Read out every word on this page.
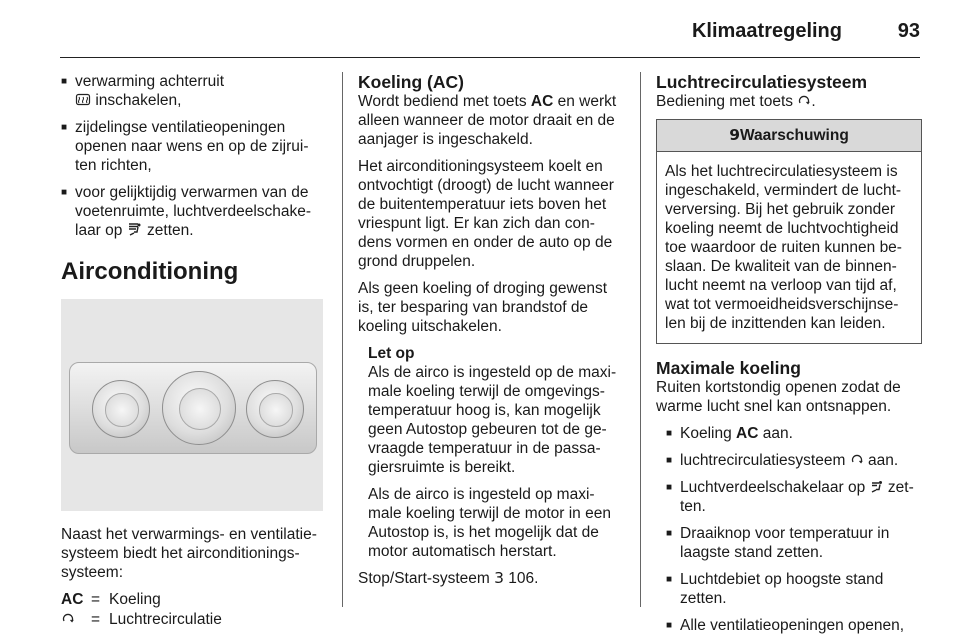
Klimaatregeling	93
■ verwarming achterruit
inschakelen,
■ zijdelingse ventilatieopeningen openen naar wens en op de zijrui-ten richten,
■ voor gelijktijdig verwarmen van de voetenruimte, luchtverdeelschake-laar op zetten.
Airconditioning

Naast het verwarmings- en ventilatie-systeem biedt het airconditionings-systeem:

AC = Koeling
= Luchtrecirculatie
Koeling (AC)

Wordt bediend met toets AC en werkt alleen wanneer de motor draait en de aanjager is ingeschakeld.

Het airconditioningsysteem koelt en ontvochtigt (droogt) de lucht wanneer de buitentemperatuur iets boven het vriespunt ligt. Er kan zich dan con-dens vormen en onder de auto op de grond druppelen.

Als geen koeling of droging gewenst is, ter besparing van brandstof de koeling uitschakelen.

Let op

Als de airco is ingesteld op de maxi-male koeling terwijl de omgevings-temperatuur hoog is, kan mogelijk geen Autostop gebeuren tot de ge-vraagde temperatuur in de passa-giersruimte is bereikt.

Als de airco is ingesteld op maxi-male koeling terwijl de motor in een Autostop is, is het mogelijk dat de motor automatisch herstart.

Stop/Start-systeem 3 106.

Luchtrecirculatiesysteem

Bediening met toets .

9Waarschuwing
Als het luchtrecirculatiesysteem is ingeschakeld, vermindert de lucht-verversing. Bij het gebruik zonder koeling neemt de luchtvochtigheid toe waardoor de ruiten kunnen be-slaan. De kwaliteit van de binnen-lucht neemt na verloop van tijd af, wat tot vermoeidheidsverschijnse-len bij de inzittenden kan leiden.
Maximale koeling

Ruiten kortstondig openen zodat de warme lucht snel kan ontsnappen.

■ Koeling AC aan.
■ luchtrecirculatiesysteem aan.
■ Luchtverdeelschakelaar op zet-ten.
■ Draaiknop voor temperatuur in laagste stand zetten.
■ Luchtdebiet op hoogste stand zetten.
■ Alle ventilatieopeningen openen,
